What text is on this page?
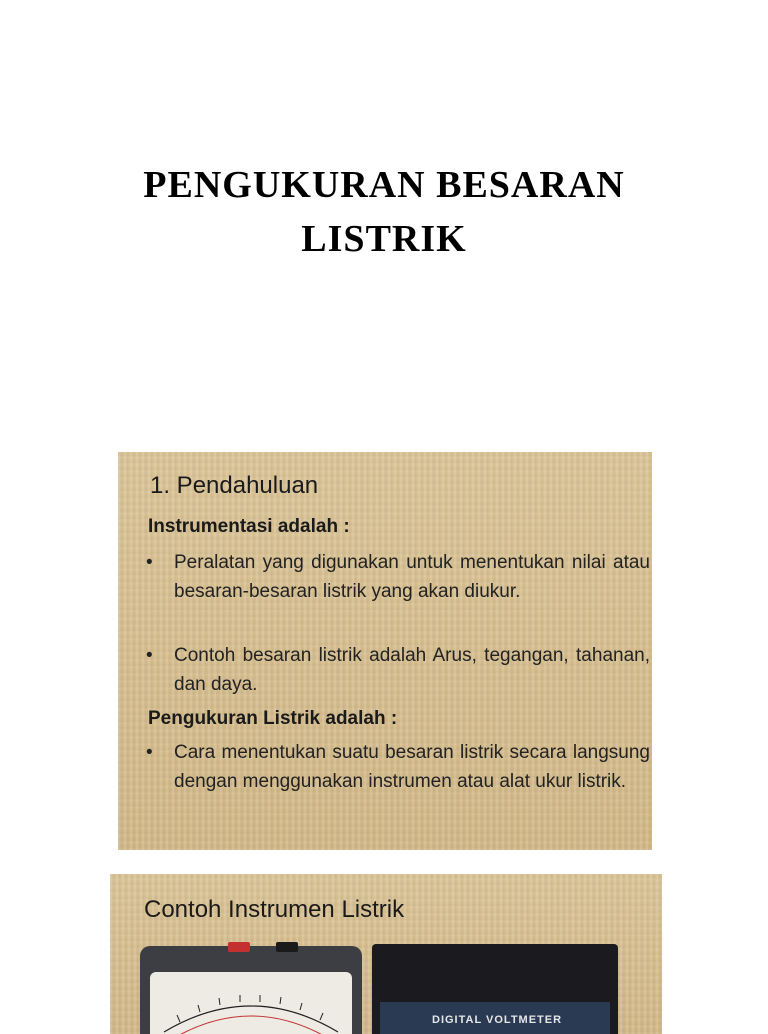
PENGUKURAN BESARAN
LISTRIK
1. Pendahuluan
Instrumentasi adalah :
• Peralatan yang digunakan untuk menentukan nilai atau besaran-besaran listrik yang akan diukur.
• Contoh besaran listrik adalah Arus, tegangan, tahanan, dan daya.
Pengukuran Listrik adalah :
• Cara menentukan suatu besaran listrik secara langsung dengan menggunakan instrumen atau alat ukur listrik.
Contoh Instrumen Listrik
DIGITAL VOLTMETER
